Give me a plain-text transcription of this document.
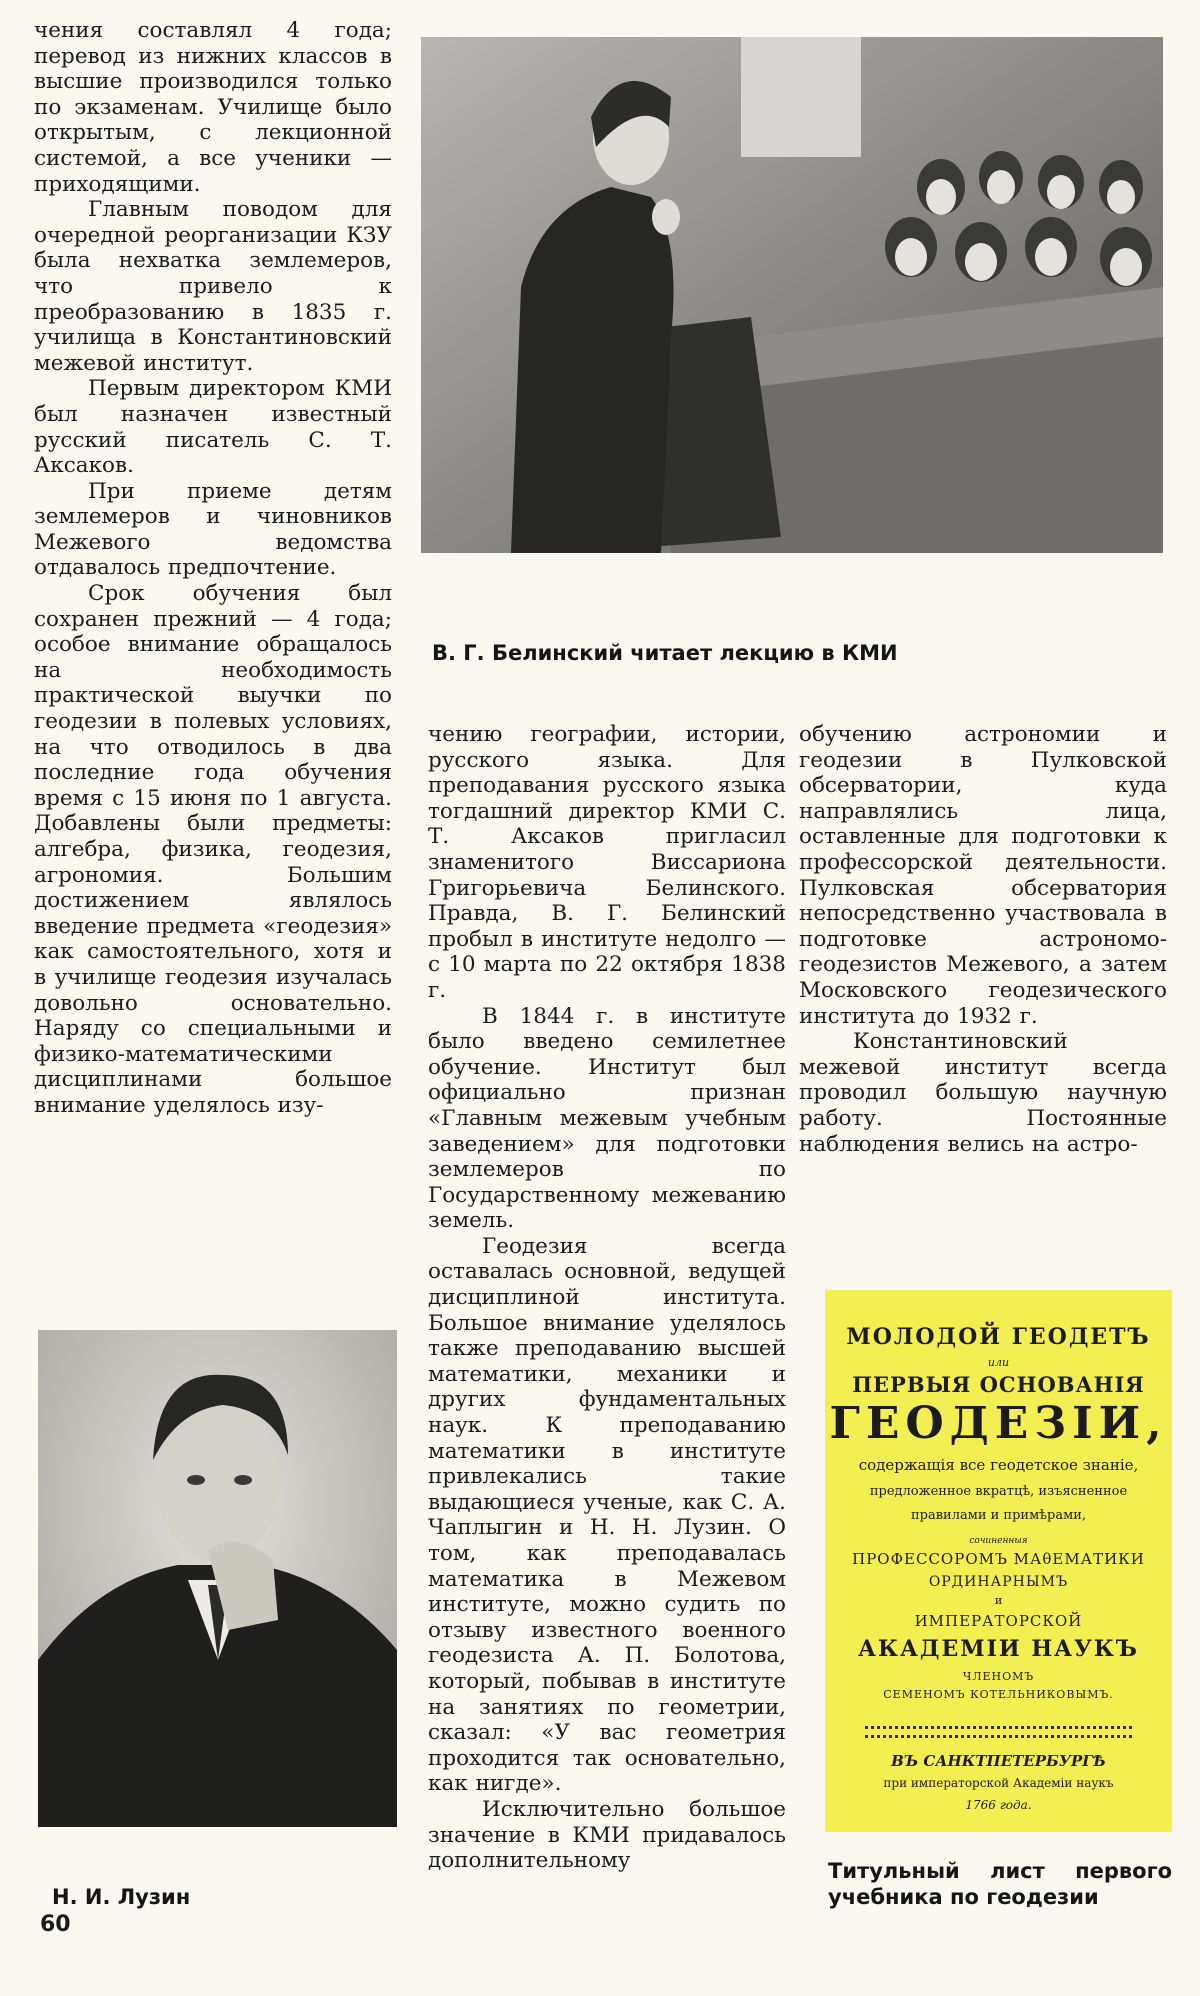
чения составлял 4 года; перевод из нижних классов в высшие производился только по экзаменам. Училище было открытым, с лекционной системой, а все ученики — приходящими.

Главным поводом для очередной реорганизации КЗУ была нехватка землемеров, что привело к преобразованию в 1835 г. училища в Константиновский межевой институт.

Первым директором КМИ был назначен известный русский писатель С. Т. Аксаков.

При приеме детям землемеров и чиновников Межевого ведомства отдавалось предпочтение.

Срок обучения был сохранен прежний — 4 года; особое внимание обращалось на необходимость практической выучки по геодезии в полевых условиях, на что отводилось в два последние года обучения время с 15 июня по 1 августа. Добавлены были предметы: алгебра, физика, геодезия, агрономия. Большим достижением являлось введение предмета «геодезия» как самостоятельного, хотя и в училище геодезия изучалась довольно основательно. Наряду со специальными и физико-математическими дисциплинами большое внимание уделялось изу-

чению географии, истории, русского языка. Для преподавания русского языка тогдашний директор КМИ С. Т. Аксаков пригласил знаменитого Виссариона Григорьевича Белинского. Правда, В. Г. Белинский пробыл в институте недолго — с 10 марта по 22 октября 1838 г.

В 1844 г. в институте было введено семилетнее обучение. Институт был официально признан «Главным межевым учебным заведением» для подготовки землемеров по Государственному межеванию земель.

Геодезия всегда оставалась основной, ведущей дисциплиной института. Большое внимание уделялось также преподаванию высшей математики, механики и других фундаментальных наук. К преподаванию математики в институте привлекались такие выдающиеся ученые, как С. А. Чаплыгин и Н. Н. Лузин. О том, как преподавалась математика в Межевом институте, можно судить по отзыву известного военного геодезиста А. П. Болотова, который, побывав в институте на занятиях по геометрии, сказал: «У вас геометрия проходится так основательно, как нигде».

Исключительно большое значение в КМИ придавалось дополнительному

обучению астрономии и геодезии в Пулковской обсерватории, куда направлялись лица, оставленные для подготовки к профессорской деятельности. Пулковская обсерватория непосредственно участвовала в подготовке астрономо-геодезистов Межевого, а затем Московского геодезического института до 1932 г.

Константиновский межевой институт всегда проводил большую научную работу. Постоянные наблюдения велись на астро-

В. Г. Белинский читает лекцию в КМИ
Н. И. Лузин
МОЛОДОЙ ГЕОДЕТЪ
или
ПЕРВЫЯ ОСНОВАНIЯ
ГЕОДЕЗIИ,
содержащiя все геодетское знанiе,
предложенное вкратцѣ, изъясненное правилами и примѣрами,
сочиненныя
ПРОФЕССОРОМЪ МАθЕМАТИКИ
ОРДИНАРНЫМЪ
и
ИМПЕРАТОРСКОЙ
АКАДЕМIИ НАУКЪ
ЧЛЕНОМЪ
СЕМЕНОМЪ КОТЕЛЬНИКОВЫМЪ.
ВЪ САНКТПЕТЕРБУРГѢ
при императорской Академiи наукъ
1766 года.
Титульный лист первого учебника по геодезии
60
